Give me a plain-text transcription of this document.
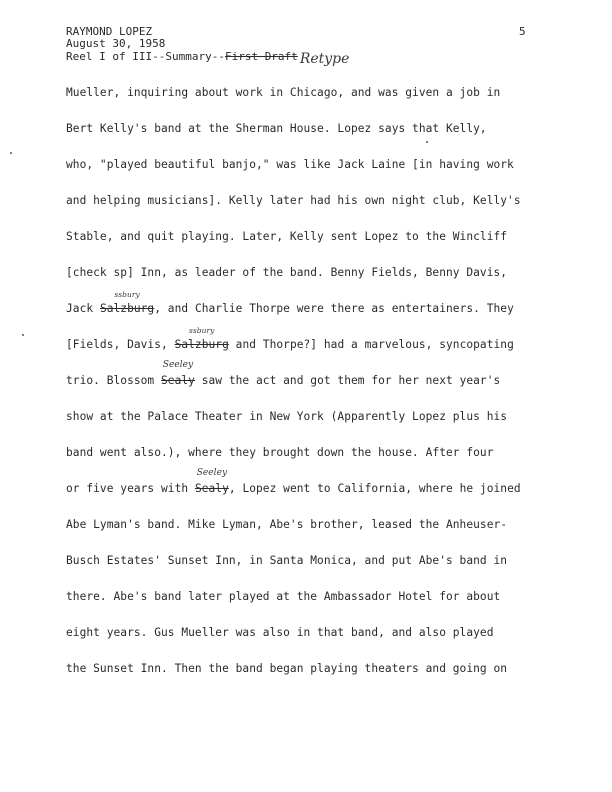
RAYMOND LOPEZ
August 30, 1958
Reel I of III--Summary--First Draft Retype
5
Mueller, inquiring about work in Chicago, and was given a job in
Bert Kelly's band at the Sherman House. Lopez says that Kelly,
who, "played beautiful banjo," was like Jack Laine [in having work
and helping musicians]. Kelly later had his own night club, Kelly's
Stable, and quit playing. Later, Kelly sent Lopez to the Wincliff
[check sp] Inn, as leader of the band. Benny Fields, Benny Davis,
Jack
ssbury
Salzburg, and Charlie Thorpe were there as entertainers. They
[Fields, Davis,
ssbury
Salzburg and Thorpe?] had a marvelous, syncopating
trio. Blossom
Seeley
Sealy saw the act and got them for her next year's
show at the Palace Theater in New York (Apparently Lopez plus his
band went also.), where they brought down the house. After four
or five years with
Seeley
Sealy, Lopez went to California, where he joined
Abe Lyman's band. Mike Lyman, Abe's brother, leased the Anheuser-
Busch Estates' Sunset Inn, in Santa Monica, and put Abe's band in
there. Abe's band later played at the Ambassador Hotel for about
eight years. Gus Mueller was also in that band, and also played
the Sunset Inn. Then the band began playing theaters and going on
